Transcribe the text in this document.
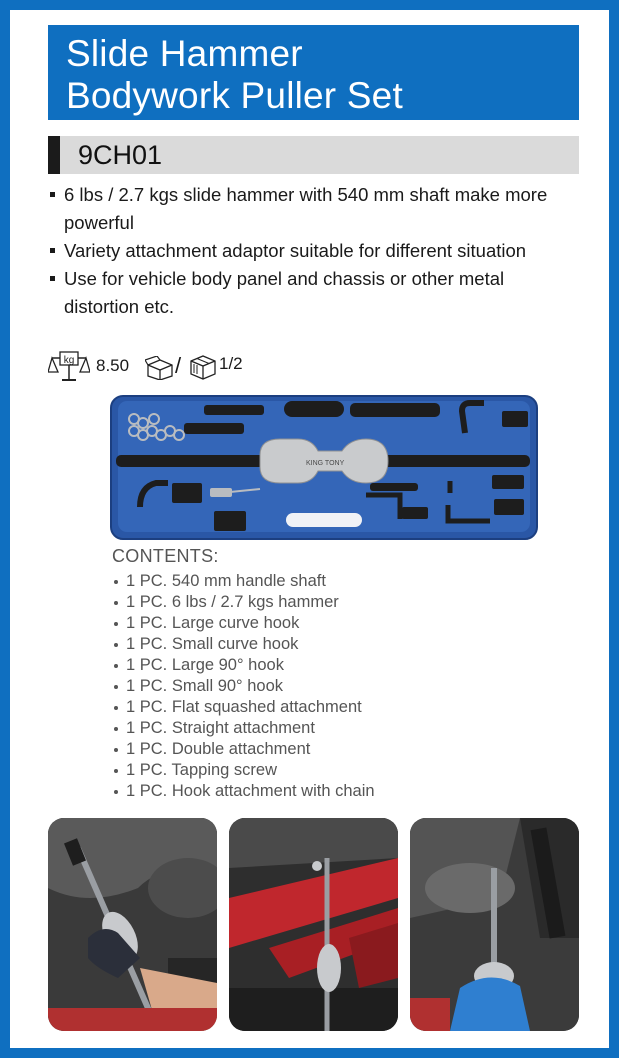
Slide Hammer
Bodywork Puller Set
9CH01
6 lbs / 2.7 kgs slide hammer with 540 mm shaft make more powerful
Variety attachment adaptor suitable for different situation
Use for vehicle body panel and chassis or other metal distortion etc.
kg 8.50 / 1/2
KING TONY
CONTENTS:
1 PC. 540 mm handle shaft
1 PC. 6 lbs / 2.7 kgs hammer
1 PC. Large curve hook
1 PC. Small curve hook
1 PC. Large 90° hook
1 PC. Small 90° hook
1 PC. Flat squashed attachment
1 PC. Straight attachment
1 PC. Double attachment
1 PC. Tapping screw
1 PC. Hook attachment with chain
